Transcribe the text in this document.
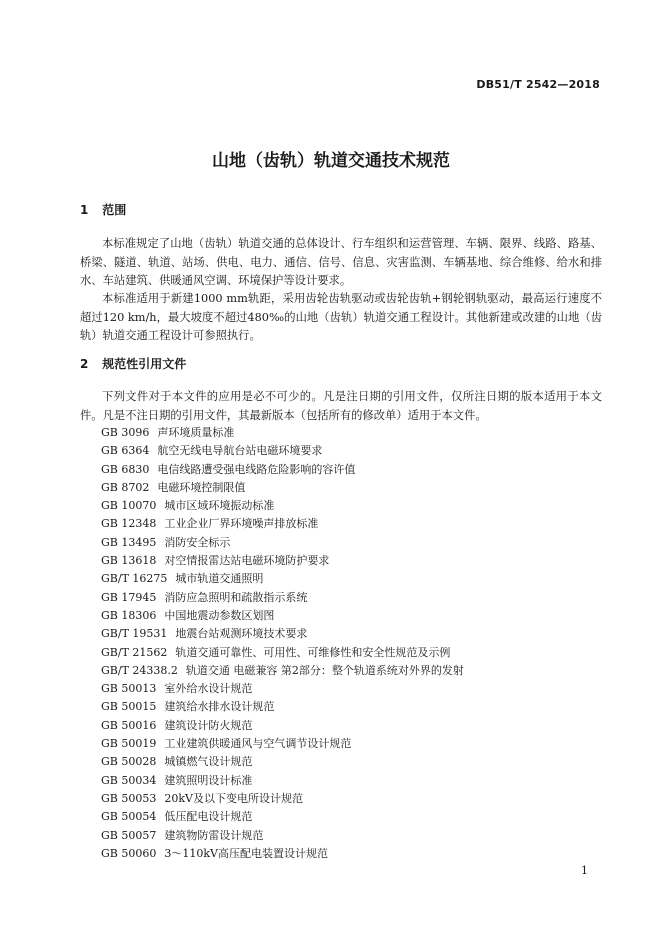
DB51/T 2542—2018
山地（齿轨）轨道交通技术规范
1 范围
本标准规定了山地（齿轨）轨道交通的总体设计、行车组织和运营管理、车辆、限界、线路、路基、桥梁、隧道、轨道、站场、供电、电力、通信、信号、信息、灾害监测、车辆基地、综合维修、给水和排水、车站建筑、供暖通风空调、环境保护等设计要求。
本标准适用于新建1000 mm轨距，采用齿轮齿轨驱动或齿轮齿轨+钢轮钢轨驱动，最高运行速度不超过120 km/h，最大坡度不超过480‰的山地（齿轨）轨道交通工程设计。其他新建或改建的山地（齿轨）轨道交通工程设计可参照执行。
2 规范性引用文件
下列文件对于本文件的应用是必不可少的。凡是注日期的引用文件，仅所注日期的版本适用于本文件。凡是不注日期的引用文件，其最新版本（包括所有的修改单）适用于本文件。
GB 3096 声环境质量标准
GB 6364 航空无线电导航台站电磁环境要求
GB 6830 电信线路遭受强电线路危险影响的容许值
GB 8702 电磁环境控制限值
GB 10070 城市区域环境振动标准
GB 12348 工业企业厂界环境噪声排放标准
GB 13495 消防安全标示
GB 13618 对空情报雷达站电磁环境防护要求
GB/T 16275 城市轨道交通照明
GB 17945 消防应急照明和疏散指示系统
GB 18306 中国地震动参数区划图
GB/T 19531 地震台站观测环境技术要求
GB/T 21562 轨道交通可靠性、可用性、可维修性和安全性规范及示例
GB/T 24338.2 轨道交通 电磁兼容 第2部分：整个轨道系统对外界的发射
GB 50013 室外给水设计规范
GB 50015 建筑给水排水设计规范
GB 50016 建筑设计防火规范
GB 50019 工业建筑供暖通风与空气调节设计规范
GB 50028 城镇燃气设计规范
GB 50034 建筑照明设计标准
GB 50053 20kV及以下变电所设计规范
GB 50054 低压配电设计规范
GB 50057 建筑物防雷设计规范
GB 50060 3～110kV高压配电装置设计规范
1
